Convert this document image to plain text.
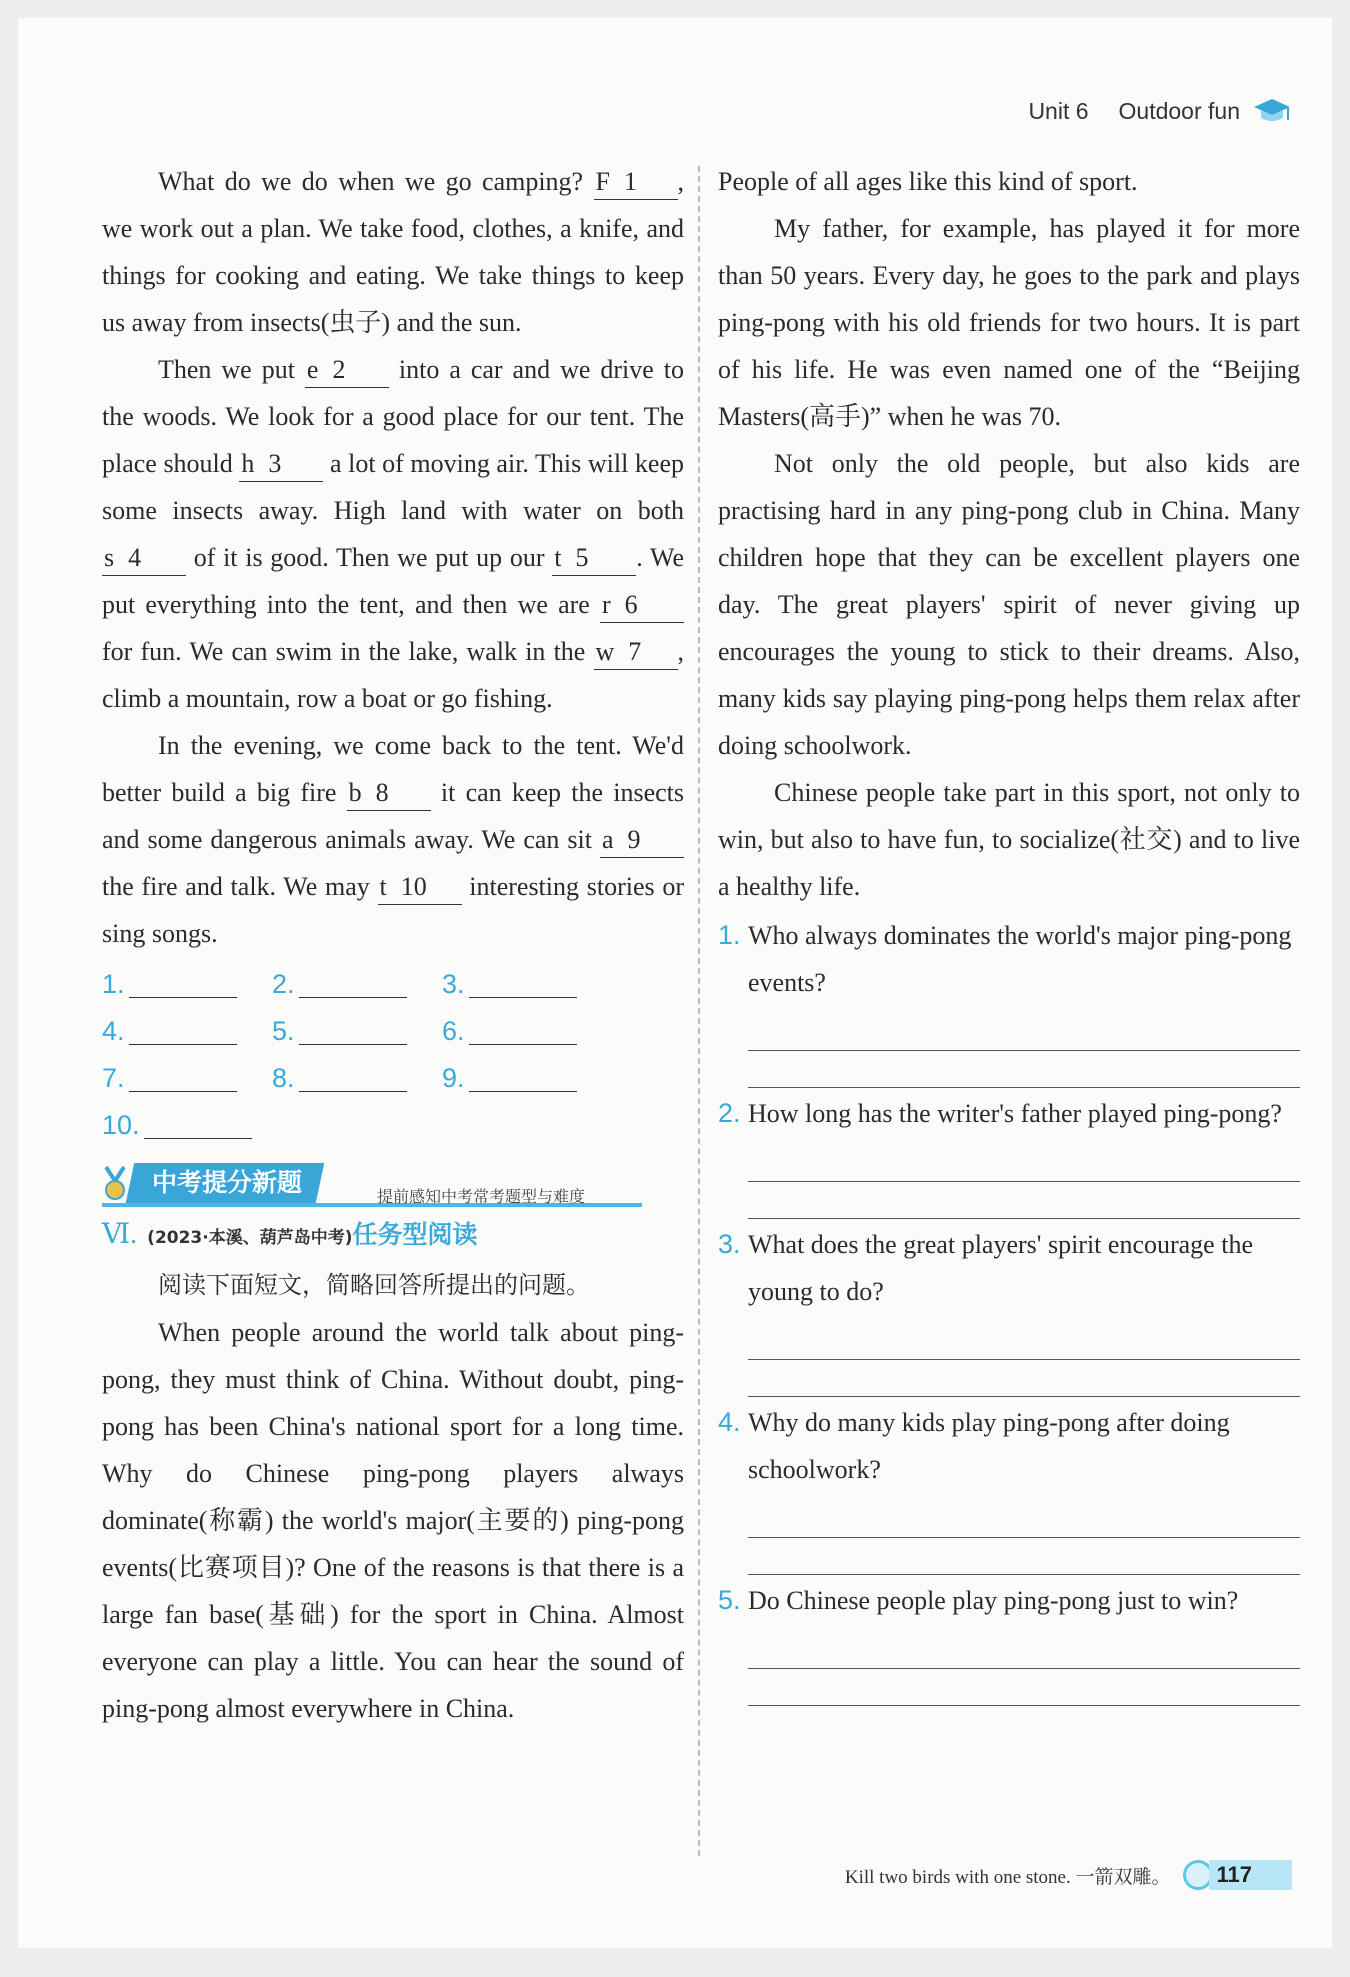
Unit 6 Outdoor fun

What do we do when we go camping? F 1 , we work out a plan. We take food, clothes, a knife, and things for cooking and eating. We take things to keep us away from insects(虫子) and the sun.

Then we put e 2 into a car and we drive to the woods. We look for a good place for our tent. The place should h 3 a lot of moving air. This will keep some insects away. High land with water on both s 4 of it is good. Then we put up our t 5 . We put everything into the tent, and then we are r 6 for fun. We can swim in the lake, walk in the w 7 , climb a mountain, row a boat or go fishing.

In the evening, we come back to the tent. We'd better build a big fire b 8 it can keep the insects and some dangerous animals away. We can sit a 9 the fire and talk. We may t 10 interesting stories or sing songs.

1.	2.	3.
4.	5.	6.
7.	8.	9.
10.
中考提分新题	提前感知中考常考题型与难度
Ⅵ. (2023·本溪、葫芦岛中考) 任务型阅读

阅读下面短文，简略回答所提出的问题。

When people around the world talk about ping-pong, they must think of China. Without doubt, ping-pong has been China's national sport for a long time. Why do Chinese ping-pong players always dominate(称霸) the world's major(主要的) ping-pong events(比赛项目)? One of the reasons is that there is a large fan base(基础) for the sport in China. Almost everyone can play a little. You can hear the sound of ping-pong almost everywhere in China.

People of all ages like this kind of sport.

My father, for example, has played it for more than 50 years. Every day, he goes to the park and plays ping-pong with his old friends for two hours. It is part of his life. He was even named one of the “Beijing Masters(高手)” when he was 70.

Not only the old people, but also kids are practising hard in any ping-pong club in China. Many children hope that they can be excellent players one day. The great players' spirit of never giving up encourages the young to stick to their dreams. Also, many kids say playing ping-pong helps them relax after doing schoolwork.

Chinese people take part in this sport, not only to win, but also to have fun, to socialize(社交) and to live a healthy life.

1. Who always dominates the world's major ping-pong events?
2. How long has the writer's father played ping-pong?
3. What does the great players' spirit encourage the young to do?
4. Why do many kids play ping-pong after doing schoolwork?
5. Do Chinese people play ping-pong just to win?
Kill two birds with one stone. 一箭双雕。	117
